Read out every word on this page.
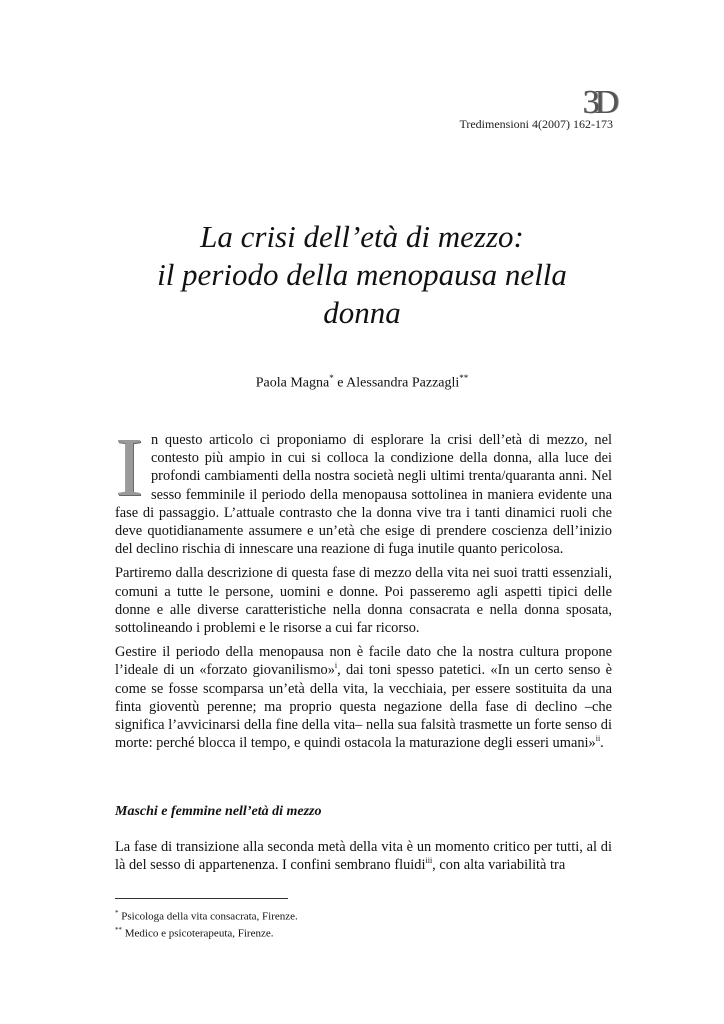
3D
Tredimensioni 4(2007) 162-173
La crisi dell’età di mezzo:
il periodo della menopausa nella
donna
Paola Magna* e Alessandra Pazzagli**

In questo articolo ci proponiamo di esplorare la crisi dell’età di mezzo, nel contesto più ampio in cui si colloca la condizione della donna, alla luce dei profondi cambiamenti della nostra società negli ultimi trenta/quaranta anni. Nel sesso femminile il periodo della menopausa sottolinea in maniera evidente una fase di passaggio. L’attuale contrasto che la donna vive tra i tanti dinamici ruoli che deve quotidianamente assumere e un’età che esige di prendere coscienza dell’inizio del declino rischia di innescare una reazione di fuga inutile quanto pericolosa.

Partiremo dalla descrizione di questa fase di mezzo della vita nei suoi tratti essenziali, comuni a tutte le persone, uomini e donne. Poi passeremo agli aspetti tipici delle donne e alle diverse caratteristiche nella donna consacrata e nella donna sposata, sottolineando i problemi e le risorse a cui far ricorso.

Gestire il periodo della menopausa non è facile dato che la nostra cultura propone l’ideale di un «forzato giovanilismo»$^i$, dai toni spesso patetici. «In un certo senso è come se fosse scomparsa un’età della vita, la vecchiaia, per essere sostituita da una finta gioventù perenne; ma proprio questa negazione della fase di declino –che significa l’avvicinarsi della fine della vita– nella sua falsità trasmette un forte senso di morte: perché blocca il tempo, e quindi ostacola la maturazione degli esseri umani»$^{ii}$.

Maschi e femmine nell’età di mezzo

La fase di transizione alla seconda metà della vita è un momento critico per tutti, al di là del sesso di appartenenza. I confini sembrano fluidi$^{iii}$, con alta variabilità tra

* Psicologa della vita consacrata, Firenze.
** Medico e psicoterapeuta, Firenze.
